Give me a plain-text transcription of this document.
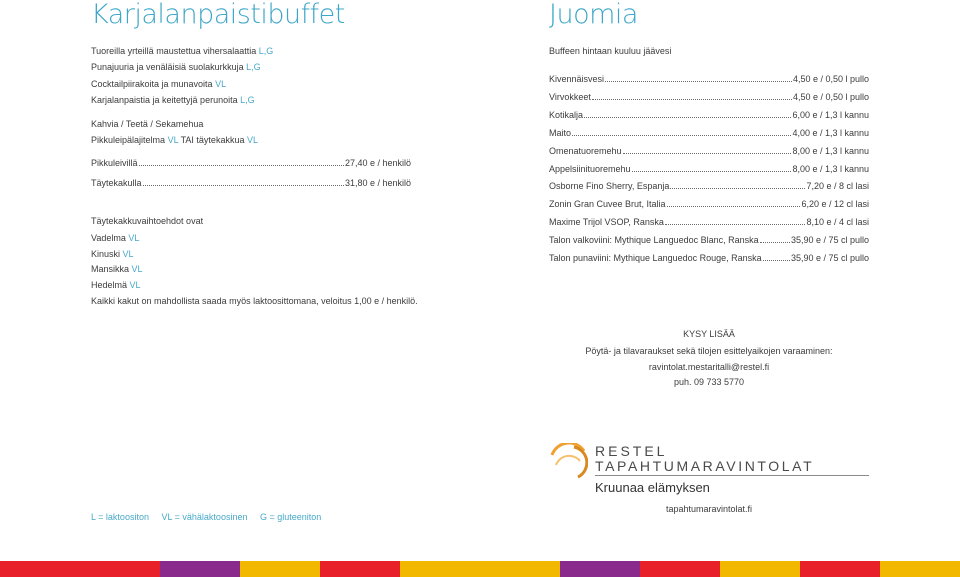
Karjalanpaistibuffet
Tuoreilla yrteillä maustettua vihersalaattia L,G
Punajuuria ja venäläisiä suolakurkkuja L,G
Cocktailpiirakoita ja munavoita VL
Karjalanpaistia ja keitettyjä perunoita L,G
Kahvia / Teetä / Sekamehua
Pikkuleipälajitelma VL TAI täytekakkua VL
Pikkuleivillä	27,40 e / henkilö
Täytekakulla	31,80 e / henkilö
Täytekakkuvaihtoehdot ovat
Vadelma VL
Kinuski VL
Mansikka VL
Hedelmä VL
Kaikki kakut on mahdollista saada myös laktoosittomana, veloitus 1,00 e / henkilö.
L = laktoositon VL = vähälaktoosinen G = gluteeniton
Juomia
Buffeen hintaan kuuluu jäävesi
Kivennäisvesi	4,50 e / 0,50 l pullo
Virvokkeet	4,50 e / 0,50 l pullo
Kotikalja	6,00 e / 1,3 l kannu
Maito	4,00 e / 1,3 l kannu
Omenatuoremehu	8,00 e / 1,3 l kannu
Appelsiinituoremehu	8,00 e / 1,3 l kannu
Osborne Fino Sherry, Espanja	7,20 e / 8 cl lasi
Zonin Gran Cuvee Brut, Italia	6,20 e / 12 cl lasi
Maxime Trijol VSOP, Ranska	8,10 e / 4 cl lasi
Talon valkoviini: Mythique Languedoc Blanc, Ranska	35,90 e / 75 cl pullo
Talon punaviini: Mythique Languedoc Rouge, Ranska	35,90 e / 75 cl pullo
KYSY LISÄÄ
Pöytä- ja tilavaraukset sekä tilojen esittelyaikojen varaaminen:
ravintolat.mestaritalli@restel.fi
puh. 09 733 5770
RESTEL
TAPAHTUMARAVINTOLAT
Kruunaa elämyksen
tapahtumaravintolat.fi
